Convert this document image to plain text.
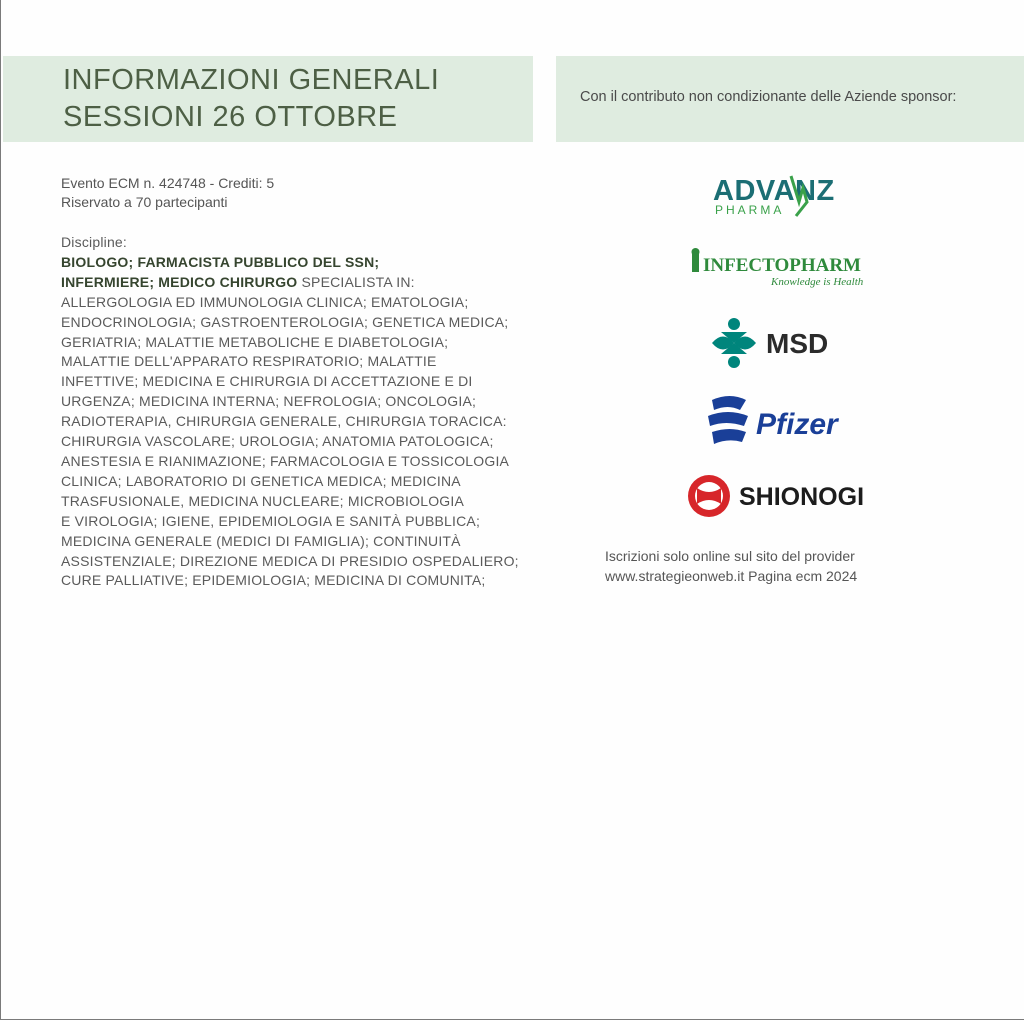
INFORMAZIONI GENERALI
SESSIONI 26 OTTOBRE

Con il contributo non condizionante delle Aziende sponsor:

Evento ECM n. 424748 - Crediti: 5
Riservato a 70 partecipanti
Discipline:
BIOLOGO; FARMACISTA PUBBLICO DEL SSN;
INFERMIERE; MEDICO CHIRURGO SPECIALISTA IN:
ALLERGOLOGIA ED IMMUNOLOGIA CLINICA; EMATOLOGIA;
ENDOCRINOLOGIA; GASTROENTEROLOGIA; GENETICA MEDICA;
GERIATRIA; MALATTIE METABOLICHE E DIABETOLOGIA;
MALATTIE DELL'APPARATO RESPIRATORIO; MALATTIE
INFETTIVE; MEDICINA E CHIRURGIA DI ACCETTAZIONE E DI
URGENZA; MEDICINA INTERNA; NEFROLOGIA; ONCOLOGIA;
RADIOTERAPIA, CHIRURGIA GENERALE, CHIRURGIA TORACICA:
CHIRURGIA VASCOLARE; UROLOGIA; ANATOMIA PATOLOGICA;
ANESTESIA E RIANIMAZIONE; FARMACOLOGIA E TOSSICOLOGIA
CLINICA; LABORATORIO DI GENETICA MEDICA; MEDICINA
TRASFUSIONALE, MEDICINA NUCLEARE; MICROBIOLOGIA
E VIROLOGIA; IGIENE, EPIDEMIOLOGIA E SANITÀ PUBBLICA;
MEDICINA GENERALE (MEDICI DI FAMIGLIA); CONTINUITÀ
ASSISTENZIALE; DIREZIONE MEDICA DI PRESIDIO OSPEDALIERO;
CURE PALLIATIVE; EPIDEMIOLOGIA; MEDICINA DI COMUNITA;
ADVANZ
PHARMA
INFECTOPHARM
Knowledge is Health
MSD
Pfizer
SHIONOGI
Iscrizioni solo online sul sito del provider
www.strategieonweb.it Pagina ecm 2024
